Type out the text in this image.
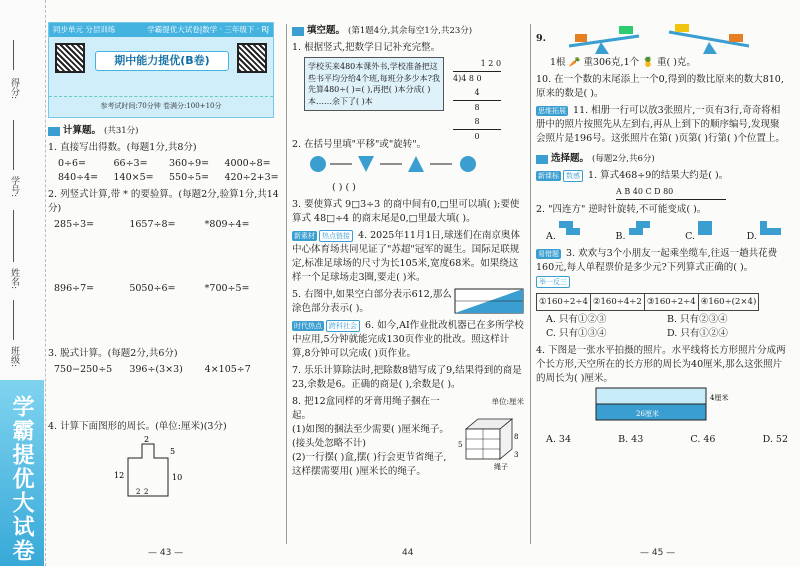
得分:
学号:
姓名:
班级:
学霸提优大试卷
同步单元 分层训练	学霸提优大试卷|数学 · 三年级下 · RJ
期中能力提优(B卷)
参考试时间:70分钟 卷满分:100+10分
计算题。 (共31分)
1. 直接写出得数。(每题1分,共8分)
0÷6=	66÷3=	360÷9=	4000÷8=
840÷4=	140×5=	550÷5=	420÷2+3=
2. 列竖式计算,带 * 的要验算。(每题2分,验算1分,共14分)
285÷3=	1657÷8=	*809÷4=
896÷7=	5050÷6=	*700÷5=
3. 脱式计算。(每题2分,共6分)
750−250÷5	396÷(3×3)	4×105÷7
4. 计算下面图形的周长。(单位:厘米)(3分)
2
5
12	10
2 2
填空题。 (第1题4分,其余每空1分,共23分)
1. 根据竖式,把数学日记补充完整。
学校买来480本课外书,学校准备把这些书平均分给4个班,每班分多少本?我先算480÷( )=( ),再把( )本分成( )本……余下了( )本
1 2 0
4)4 8 0
4
8
8
0
2. 在括号里填"平移"或"旋转"。
( ) ( )
3. 要使算式 9□3÷3 的商中间有0,□里可以填( );要使算式 48□÷4 的商末尾是0,□里最大填( )。
新素材 热点链接 4. 2025年11月1日,球迷们在南京奥体中心体育场共同见证了"苏超"冠军的诞生。国际足联规定,标准足球场的尺寸为长105米,宽度68米。如果绕这样一个足球场走3圈,要走( )米。
5. 右图中,如果空白部分表示612,那么涂色部分表示( )。
时代热点 跨科社会 6. 如今,AI作业批改机器已在多所学校中应用,5分钟就能完成130页作业的批改。照这样计算,8分钟可以完成( )页作业。
7. 乐乐计算除法时,把除数8错写成了9,结果得到的商是23,余数是6。正确的商是( ),余数是( )。
8. 把12盒同样的牙膏用绳子捆在一起。
(1)如图的捆法至少需要( )厘米绳子。(接头处忽略不计)
(2)一行摆( )盒,摆( )行会更节省绳子,这样摆需要用( )厘米长的绳子。
单位:厘米
5
8
3
绳子
9.
1根 🥕 重306克,1个 🍍 重( )克。
10. 在一个数的末尾添上一个0,得到的数比原来的数大810,原来的数是( )。
思维拓展 11. 相册一行可以放3张照片,一页有3行,奇奇将相册中的照片按照先从左到右,再从上到下的顺序编号,发现聚会照片是196号。这张照片在第( )页第( )行第( )个位置上。
选择题。 (每题2分,共6分)
新课标 数感 1. 算式468÷9的结果大约是( )。
A B 40 C D 80
2. "四连方" 逆时针旋转,不可能变成( )。
A.	B.	C.	D.
易错题 3. 欢欢与3个小朋友一起乘坐缆车,往返一趟共花费160元,每人单程票价是多少元?下列算式正确的( )。 举一反三
①160÷2÷4 ②160÷4÷2 ③160÷2÷4 ④160÷(2×4)
A. 只有①②③	B. 只有②③④
C. 只有①③④	D. 只有①②④
4. 下图是一张水平拍摄的照片。水平线将长方形照片分成两个长方形,天空所在的长方形的周长为40厘米,那么这张照片的周长为( )厘米。
4厘米
26厘米
A. 34	B. 43	C. 46	D. 52
— 43 —	44	— 45 —
